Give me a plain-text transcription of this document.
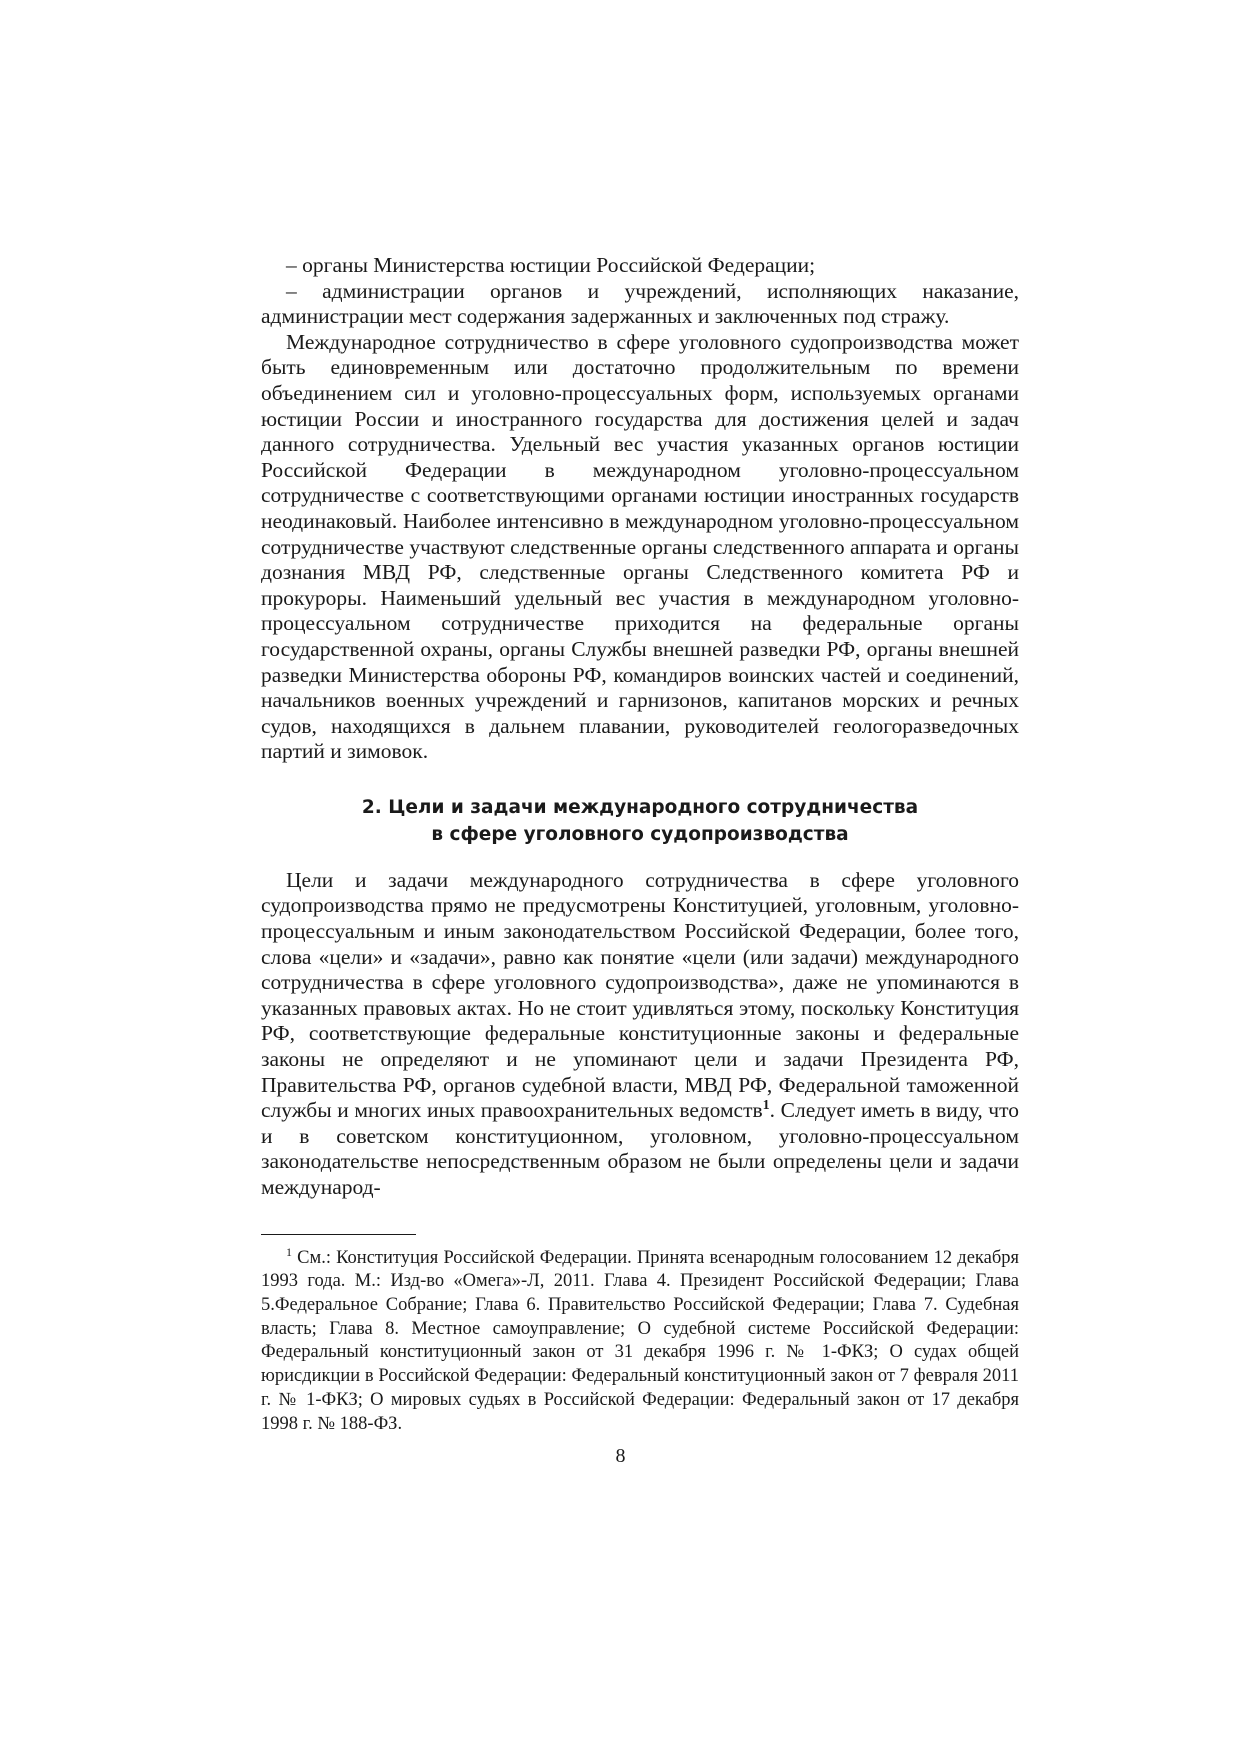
– органы Министерства юстиции Российской Федерации;

– администрации органов и учреждений, исполняющих наказание, администрации мест содержания задержанных и заключенных под стражу.

Международное сотрудничество в сфере уголовного судопроизводства может быть единовременным или достаточно продолжительным по времени объединением сил и уголовно-процессуальных форм, используемых органами юстиции России и иностранного государства для достижения целей и задач данного сотрудничества. Удельный вес участия указанных органов юстиции Российской Федерации в международном уголовно-процессуальном сотрудничестве с соответствующими органами юстиции иностранных государств неодинаковый. Наиболее интенсивно в международном уголовно-процессуальном сотрудничестве участвуют следственные органы следственного аппарата и органы дознания МВД РФ, следственные органы Следственного комитета РФ и прокуроры. Наименьший удельный вес участия в международном уголовно-процессуальном сотрудничестве приходится на федеральные органы государственной охраны, органы Службы внешней разведки РФ, органы внешней разведки Министерства обороны РФ, командиров воинских частей и соединений, начальников военных учреждений и гарнизонов, капитанов морских и речных судов, находящихся в дальнем плавании, руководителей геологоразведочных партий и зимовок.

2. Цели и задачи международного сотрудничества
в сфере уголовного судопроизводства

Цели и задачи международного сотрудничества в сфере уголовного судопроизводства прямо не предусмотрены Конституцией, уголовным, уголовно-процессуальным и иным законодательством Российской Федерации, более того, слова «цели» и «задачи», равно как понятие «цели (или задачи) международного сотрудничества в сфере уголовного судопроизводства», даже не упоминаются в указанных правовых актах. Но не стоит удивляться этому, поскольку Конституция РФ, соответствующие федеральные конституционные законы и федеральные законы не определяют и не упоминают цели и задачи Президента РФ, Правительства РФ, органов судебной власти, МВД РФ, Федеральной таможенной службы и многих иных правоохранительных ведомств$^1$. Следует иметь в виду, что и в советском конституционном, уголовном, уголовно-процессуальном законодательстве непосредственным образом не были определены цели и задачи международ-

$^1$ См.: Конституция Российской Федерации. Принята всенародным голосованием 12 декабря 1993 года. М.: Изд-во «Омега»-Л, 2011. Глава 4. Президент Российской Федерации; Глава 5.Федеральное Собрание; Глава 6. Правительство Российской Федерации; Глава 7. Судебная власть; Глава 8. Местное самоуправление; О судебной системе Российской Федерации: Федеральный конституционный закон от 31 декабря 1996 г. № 1-ФКЗ; О судах общей юрисдикции в Российской Федерации: Федеральный конституционный закон от 7 февраля 2011 г. № 1-ФКЗ; О мировых судьях в Российской Федерации: Федеральный закон от 17 декабря 1998 г. № 188-ФЗ.

8
